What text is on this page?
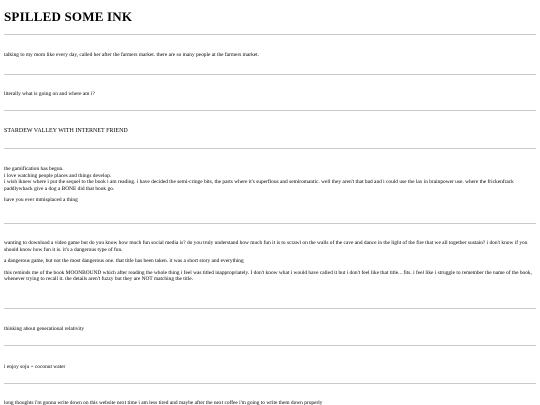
SPILLED SOME INK

talking to my mom like every day, called her after the farmers market. there are so many people at the farmers market.

literally what is going on and where am i?

STARDEW VALLEY WITH INTERNET FRIEND

the gamification has begun.

i love watching people places and things develop.

i wish iknew where i put the sequel to the book i am reading. i have decided the semi-cringe bits, the parts where it's superflous and semiromantic. well they aren't that bad and i could use the lax in brainpower use. where the frickenfrack paddlywhack give a dog a BONE did that book go.

have you ever mmisplaced a thing

wanting to download a video game but do you know how much fun social media is? do you truly understand how much fun it is to scrawl on the walls of the cave and dance in the light of the fire that we all together sustain? i don't know if you should know how fun it is. it's a dangerous type of fun.

a dangerous game, but not the most dangerous one. that title has been taken. it was a short story and everything

this reminds me of the book MOONBOUND which after reading the whole thing i feel was titled inappropriately. I don't know what i would have called it but i don't feel like that title... fits. i feel like i struggle to remember the name of the book, whenever trying to recall it. the details aren't fuzzy but they are NOT matching the title.

thinking about generational relativity

i enjoy soju + coconut water

long thoughts i'm gonna write down on this website next time i am less tired and maybe after the next coffee i'm going to write them down properly
